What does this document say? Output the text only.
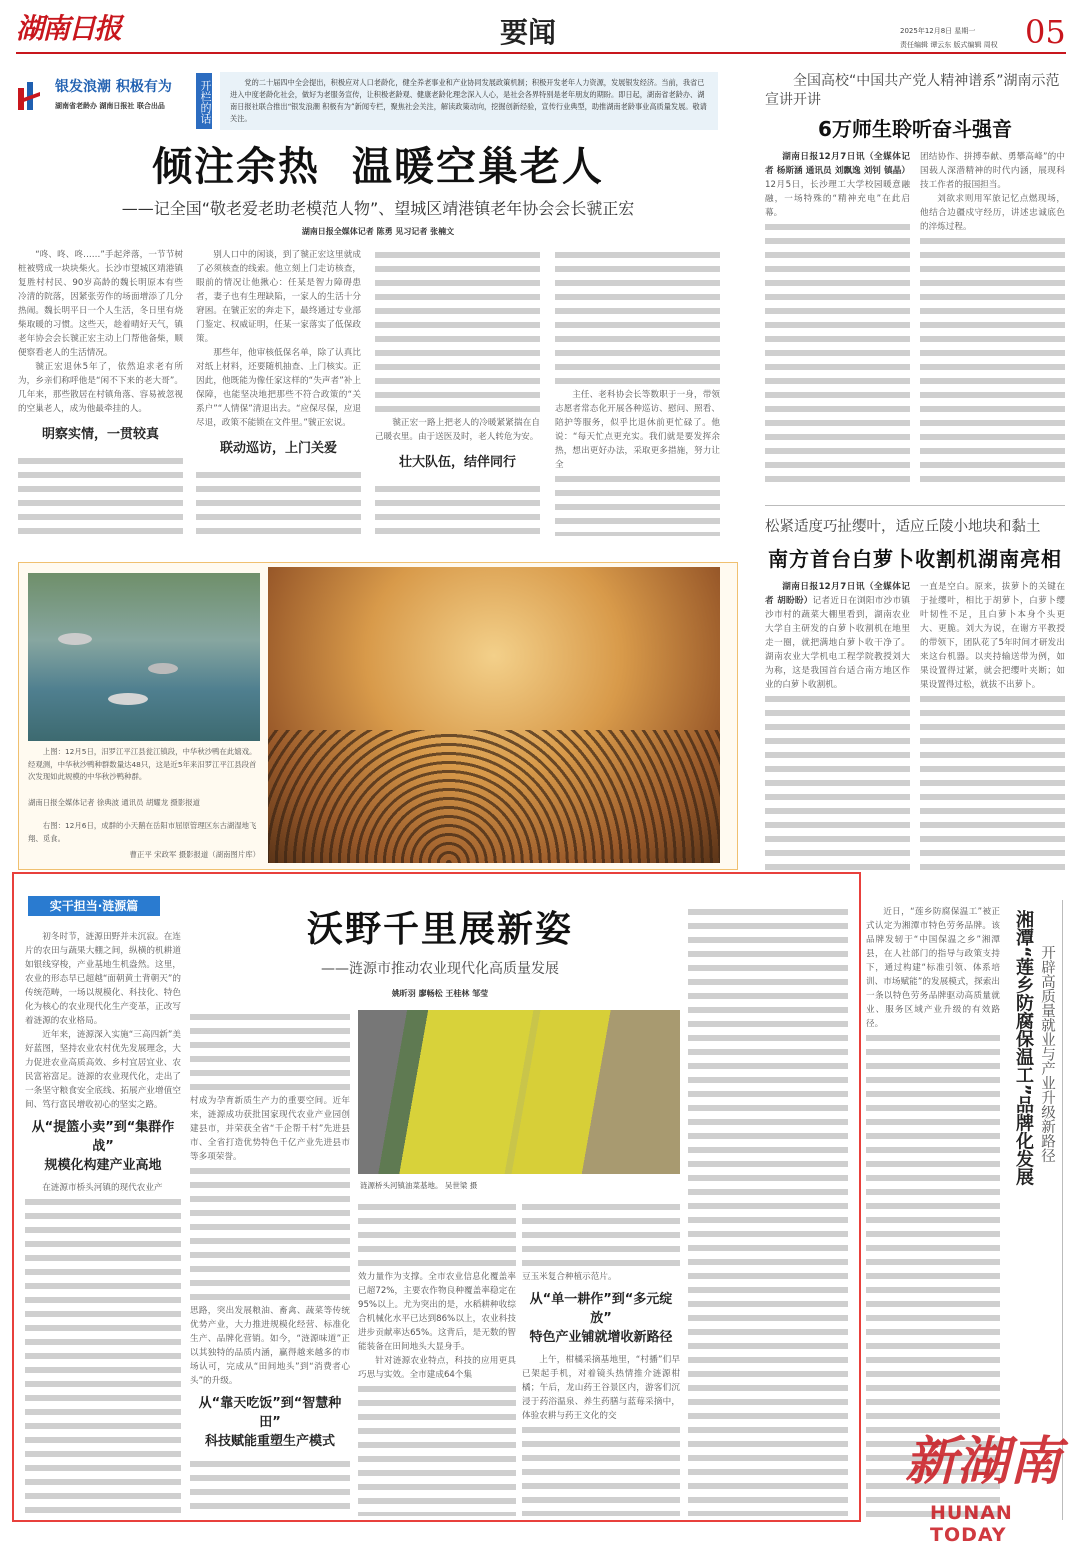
湖南日报	要闻	2025年12月8日 星期一
责任编辑 谭云东 版式编辑 周权 05
银发浪潮 积极有为
湖南省老龄办 湖南日报社 联合出品	开栏的话	党的二十届四中全会提出，积极应对人口老龄化，健全养老事业和产业协同发展政策机制；积极开发老年人力资源，发展银发经济。当前，我省已进入中度老龄化社会，做好为老服务宣传，让积极老龄观、健康老龄化理念深入人心，是社会各界特别是老年朋友的期盼。即日起，湖南省老龄办、湖南日报社联合推出“银发浪潮 积极有为”新闻专栏，聚焦社会关注，解读政策动向，挖掘创新经验，宣传行业典型，助推湖南老龄事业高质量发展。敬请关注。
倾注余热  温暖空巢老人
——记全国“敬老爱老助老模范人物”、望城区靖港镇老年协会会长虢正宏
湖南日报全媒体记者 陈勇 见习记者 张楠文

“咚、咚、咚……”手起斧落，一节节树桩被劈成一块块柴火。长沙市望城区靖港镇复胜村村民、90岁高龄的魏长明原本有些冷清的院落，因紧张劳作的场面增添了几分热闹。魏长明平日一个人生活，冬日里有烧柴取暖的习惯。这些天，趁着晴好天气，镇老年协会会长虢正宏主动上门帮他备柴，顺便察看老人的生活情况。

虢正宏退休5年了，依然追求老有所为，乡亲们称呼他是“闲不下来的老大哥”。几年来，那些散居在村镇角落、容易被忽视的空巢老人，成为他最牵挂的人。

明察实情，一贯较真

别人口中的闲谈，到了虢正宏这里就成了必须核查的线索。他立刻上门走访核查，眼前的情况让他揪心：任某是智力障碍患者，妻子也有生理缺陷，一家人的生活十分窘困。在虢正宏的奔走下，最终通过专业部门鉴定、权威证明，任某一家落实了低保政策。

那些年，他审核低保名单，除了认真比对纸上材料，还要随机抽查、上门核实。正因此，他既能为像任家这样的“失声者”补上保障，也能坚决地把那些不符合政策的“关系户”“人情保”清退出去。“应保尽保，应退尽退，政策不能锁在文件里。”虢正宏说。

联动巡访，上门关爱

虢正宏一路上把老人的冷暖紧紧揣在自己暖衣里。由于送医及时，老人转危为安。

壮大队伍，结伴同行

主任、老科协会长等数职于一身，带领志愿者常态化开展各种巡访、慰问、照看、陪护等服务，似乎比退休前更忙碌了。他说：“每天忙点更充实。我们就是要发挥余热，想出更好办法，采取更多措施，努力让全

全国高校“中国共产党人精神谱系”湖南示范宣讲开讲
6万师生聆听奋斗强音

湖南日报12月7日讯（全媒体记者 杨斯涵 通讯员 刘飘逸 刘钊 镇晶）12月5日，长沙理工大学校园暖意融融，一场特殊的“精神充电”在此启幕。

团结协作、拼搏奉献、勇攀高峰”的中国载人深潜精神的时代内涵，展现科技工作者的报国担当。

刘欲求则用军旅记忆点燃现场，他结合边疆戍守经历，讲述忠诚底色的淬炼过程。

松紧适度巧扯缨叶，适应丘陵小地块和黏土
南方首台白萝卜收割机湖南亮相

湖南日报12月7日讯（全媒体记者 胡盼盼）记者近日在浏阳市沙市镇沙市村的蔬菜大棚里看到，湖南农业大学自主研发的白萝卜收割机在地里走一圈，就把满地白萝卜收干净了。湖南农业大学机电工程学院教授刘大为称，这是我国首台适合南方地区作业的白萝卜收割机。

一直是空白。原来，拔萝卜的关键在于扯缨叶，相比于胡萝卜，白萝卜缨叶韧性不足，且白萝卜本身个头更大、更脆。刘大为说，在谢方平教授的带领下，团队花了5年时间才研发出来这台机器。以夹持输送带为例，如果设置得过紧，就会把缨叶夹断；如果设置得过松，就拔不出萝卜。
上图：12月5日，汨罗江平江县瓮江镇段，中华秋沙鸭在此嬉戏。经观测，中华秋沙鸭种群数量达48只，这是近5年来汨罗江平江县段首次发现如此规模的中华秋沙鸭种群。
湖南日报全媒体记者 徐典波 通讯员 胡耀龙 摄影报道
右图：12月6日，成群的小天鹅在岳阳市屈原管理区东古湖湿地飞翔、觅食。
曹正平 宋政军 摄影报道（湖南图片库）
实干担当·涟源篇
沃野千里展新姿
——涟源市推动农业现代化高质量发展
姚昕羽 廖畅松 王桂林 邹莹

初冬时节，涟源田野并未沉寂。在连片的农田与蔬果大棚之间，纵横的机耕道如银线穿梭，产业基地生机盎然。这里，农业的形态早已超越“面朝黄土背朝天”的传统范畴，一场以规模化、科技化、特色化为核心的农业现代化生产变革，正改写着涟源的农业格局。

近年来，涟源深入实施“三高四新”美好蓝图，坚持农业农村优先发展理念，大力促进农业高质高效、乡村宜居宜业、农民富裕富足。涟源的农业现代化，走出了一条坚守粮食安全底线、拓展产业增值空间、笃行富民增收初心的坚实之路。

从“提篮小卖”到“集群作战”
规模化构建产业高地

在涟源市桥头河镇的现代农业产

村成为孕育新质生产力的重要空间。近年来，涟源成功获批国家现代农业产业园创建县市，并荣获全省“千企帮千村”先进县市、全省打造优势特色千亿产业先进县市等多项荣誉。
思路，突出发展粮油、畜禽、蔬菜等传统优势产业，大力推进规模化经营、标准化生产、品牌化营销。如今，“涟源味道”正以其独特的品质内涵，赢得越来越多的市场认可，完成从“田间地头”到“消费者心头”的升级。
从“靠天吃饭”到“智慧种田”
科技赋能重塑生产模式
涟源桥头河镇油菜基地。 吴世梁 摄
效力量作为支撑。全市农业信息化覆盖率已超72%，主要农作物良种覆盖率稳定在95%以上。尤为突出的是，水稻耕种收综合机械化水平已达到86%以上，农业科技进步贡献率达65%。这背后，是无数的智能装备在田间地头大显身手。

针对涟源农业特点，科技的应用更具巧思与实效。全市建成64个集

豆玉米复合种植示范片。
从“单一耕作”到“多元绽放”
特色产业铺就增收新路径

上午，柑橘采摘基地里，“村播”们早已架起手机，对着镜头热情推介涟源柑橘；午后，龙山药王谷景区内，游客们沉浸于药浴温泉、养生药膳与蓝莓采摘中，体验农耕与药王文化的交

近日，“莲乡防腐保温工”被正式认定为湘潭市特色劳务品牌。该品牌发轫于“中国保温之乡”湘潭县，在人社部门的指导与政策支持下，通过构建“标准引领、体系培训、市场赋能”的发展模式，探索出一条以特色劳务品牌驱动高质量就业、服务区域产业升级的有效路径。	湘潭“莲乡防腐保温工”品牌化发展 开辟高质量就业与产业升级新路径
新湖南
HUNAN TODAY
